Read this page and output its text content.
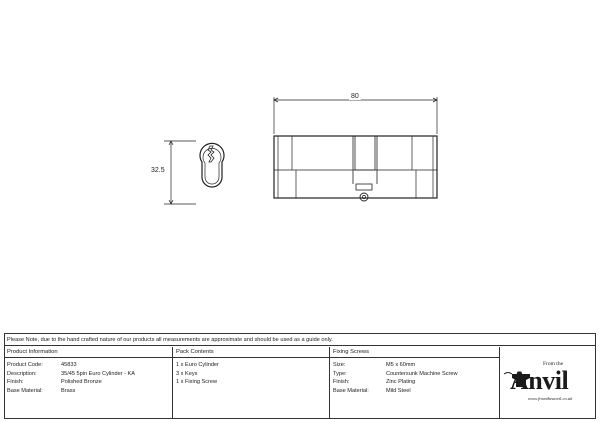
32.5
80
Please Note, due to the hand crafted nature of our products all measurements are approximate and should be used as a guide only.
Product Information
Product Code:	45833
Description:	35/45 5pin Euro Cylinder - KA
Finish:	Polished Bronze
Base Material:	Brass
Pack Contents
1 x Euro Cylinder
3 x Keys
1 x Fixing Screw
Fixing Screws
Size:	M5 x 60mm
Type:	Countersunk Machine Screw
Finish:	Zinc Plating
Base Material:	Mild Steel
From the
Anvil
www.fromtheanvil.co.uk
